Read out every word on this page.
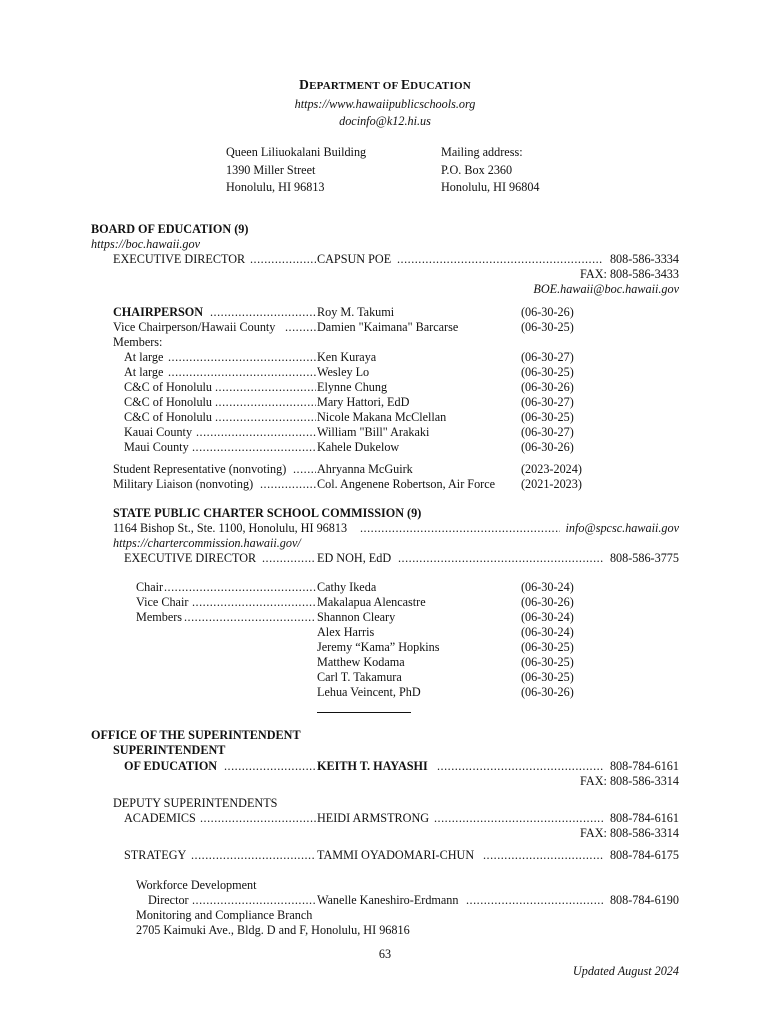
DEPARTMENT OF EDUCATION
https://www.hawaiipublicschools.org
docinfo@k12.hi.us
Queen Liliuokalani Building
1390 Miller Street
Honolulu, HI 96813
Mailing address:
P.O. Box 2360
Honolulu, HI 96804
BOARD OF EDUCATION (9)
https://boc.hawaii.gov
EXECUTIVE DIRECTOR .....	CAPSUN POE .....	808-586-3334
FAX: 808-586-3433
BOE.hawaii@boc.hawaii.gov
CHAIRPERSON .....	Roy M. Takumi	(06-30-26)
Vice Chairperson/Hawaii County .....	Damien "Kaimana" Barcarse	(06-30-25)
Members:
At large .....	Ken Kuraya	(06-30-27)
At large .....	Wesley Lo	(06-30-25)
C&C of Honolulu .....	Elynne Chung	(06-30-26)
C&C of Honolulu .....	Mary Hattori, EdD	(06-30-27)
C&C of Honolulu .....	Nicole Makana McClellan	(06-30-25)
Kauai County .....	William "Bill" Arakaki	(06-30-27)
Maui County .....	Kahele Dukelow	(06-30-26)
Student Representative (nonvoting) .....	Ahryanna McGuirk	(2023-2024)
Military Liaison (nonvoting) .....	Col. Angenene Robertson, Air Force (2021-2023)
STATE PUBLIC CHARTER SCHOOL COMMISSION (9)
1164 Bishop St., Ste. 1100, Honolulu, HI 96813 .....	info@spcsc.hawaii.gov
https://chartercommission.hawaii.gov/
EXECUTIVE DIRECTOR .....	ED NOH, EdD .....	808-586-3775
Chair .....	Cathy Ikeda	(06-30-24)
Vice Chair .....	Makalapua Alencastre	(06-30-26)
Members .....	Shannon Cleary	(06-30-24)
Alex Harris	(06-30-24)
Jeremy “Kama” Hopkins	(06-30-25)
Matthew Kodama	(06-30-25)
Carl T. Takamura	(06-30-25)
Lehua Veincent, PhD	(06-30-26)
OFFICE OF THE SUPERINTENDENT
SUPERINTENDENT
OF EDUCATION .....	KEITH T. HAYASHI .....	808-784-6161
FAX: 808-586-3314
DEPUTY SUPERINTENDENTS
ACADEMICS .....	HEIDI ARMSTRONG .....	808-784-6161
FAX: 808-586-3314
STRATEGY .....	TAMMI OYADOMARI-CHUN .....	808-784-6175
Workforce Development
Director .....	Wanelle Kaneshiro-Erdmann .....	808-784-6190
Monitoring and Compliance Branch
2705 Kaimuki Ave., Bldg. D and F, Honolulu, HI 96816
63
Updated August 2024
